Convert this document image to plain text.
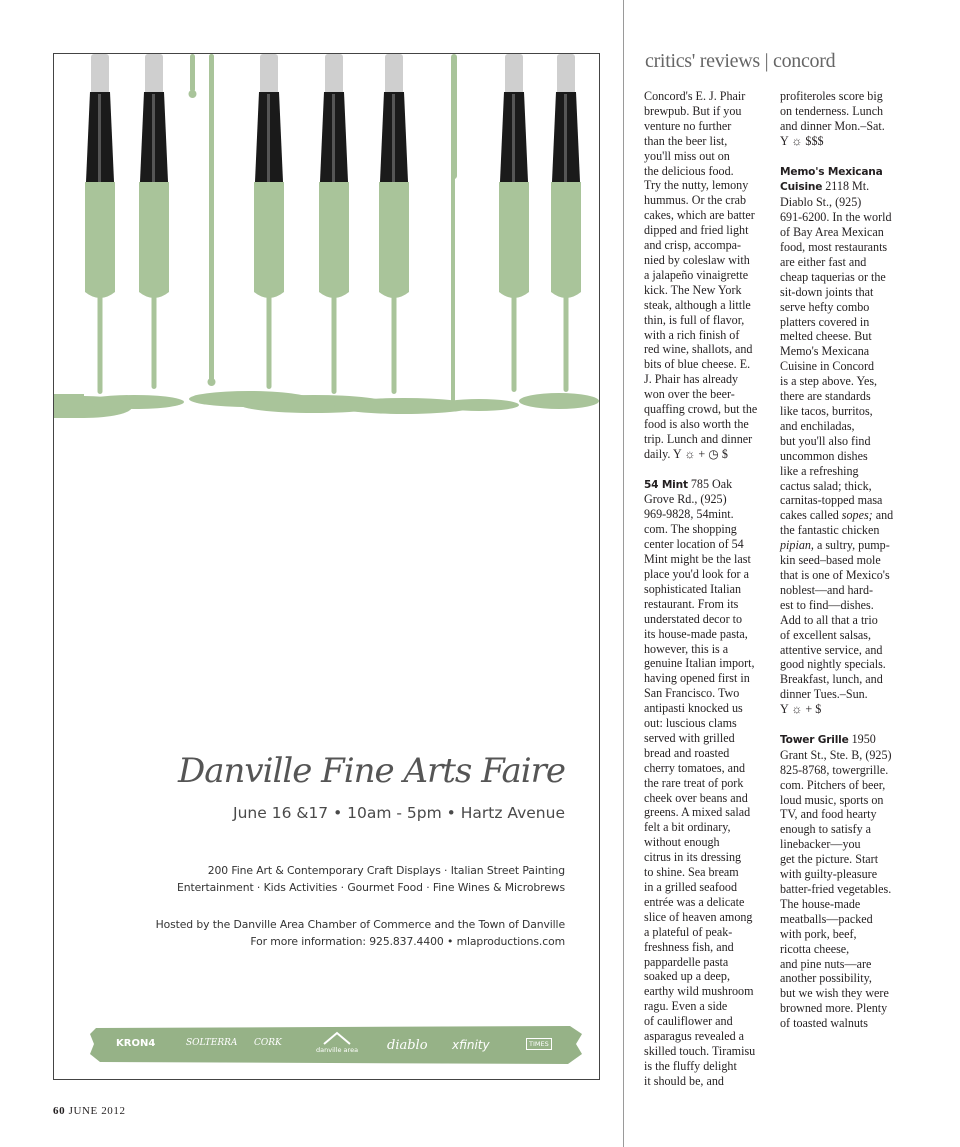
Danville Fine Arts Faire
June 16 &17 • 10am - 5pm • Hartz Avenue
200 Fine Art & Contemporary Craft Displays · Italian Street Painting
Entertainment · Kids Activities · Gourmet Food · Fine Wines & Microbrews
Hosted by the Danville Area Chamber of Commerce and the Town of Danville
For more information: 925.837.4400 • mlaproductions.com
KRON4	SOLTERRA CORK
danville area diablo xfinity	TIMES
critics' reviews | concord

Concord's E. J. Phair
brewpub. But if you
venture no further
than the beer list,
you'll miss out on
the delicious food.
Try the nutty, lemony
hummus. Or the crab
cakes, which are batter
dipped and fried light
and crisp, accompa-
nied by coleslaw with
a jalapeño vinaigrette
kick. The New York
steak, although a little
thin, is full of flavor,
with a rich finish of
red wine, shallots, and
bits of blue cheese. E.
J. Phair has already
won over the beer-
quaffing crowd, but the
food is also worth the
trip. Lunch and dinner
daily. Y ☼ + ◷ $

54 Mint 785 Oak
Grove Rd., (925)
969-9828, 54mint.
com. The shopping
center location of 54
Mint might be the last
place you'd look for a
sophisticated Italian
restaurant. From its
understated decor to
its house-made pasta,
however, this is a
genuine Italian import,
having opened first in
San Francisco. Two
antipasti knocked us
out: luscious clams
served with grilled
bread and roasted
cherry tomatoes, and
the rare treat of pork
cheek over beans and
greens. A mixed salad
felt a bit ordinary,
without enough
citrus in its dressing
to shine. Sea bream
in a grilled seafood
entrée was a delicate
slice of heaven among
a plateful of peak-
freshness fish, and
pappardelle pasta
soaked up a deep,
earthy wild mushroom
ragu. Even a side
of cauliflower and
asparagus revealed a
skilled touch. Tiramisu
is the fluffy delight
it should be, and

profiteroles score big
on tenderness. Lunch
and dinner Mon.–Sat.
Y ☼ $$$

Memo's Mexicana
Cuisine 2118 Mt.
Diablo St., (925)
691-6200. In the world
of Bay Area Mexican
food, most restaurants
are either fast and
cheap taquerias or the
sit-down joints that
serve hefty combo
platters covered in
melted cheese. But
Memo's Mexicana
Cuisine in Concord
is a step above. Yes,
there are standards
like tacos, burritos,
and enchiladas,
but you'll also find
uncommon dishes
like a refreshing
cactus salad; thick,
carnitas-topped masa
cakes called sopes; and
the fantastic chicken
pipian, a sultry, pump-
kin seed–based mole
that is one of Mexico's
noblest—and hard-
est to find—dishes.
Add to all that a trio
of excellent salsas,
attentive service, and
good nightly specials.
Breakfast, lunch, and
dinner Tues.–Sun.
Y ☼ + $

Tower Grille 1950
Grant St., Ste. B, (925)
825-8768, towergrille.
com. Pitchers of beer,
loud music, sports on
TV, and food hearty
enough to satisfy a
linebacker—you
get the picture. Start
with guilty-pleasure
batter-fried vegetables.
The house-made
meatballs—packed
with pork, beef,
ricotta cheese,
and pine nuts—are
another possibility,
but we wish they were
browned more. Plenty
of toasted walnuts

60 JUNE 2012
